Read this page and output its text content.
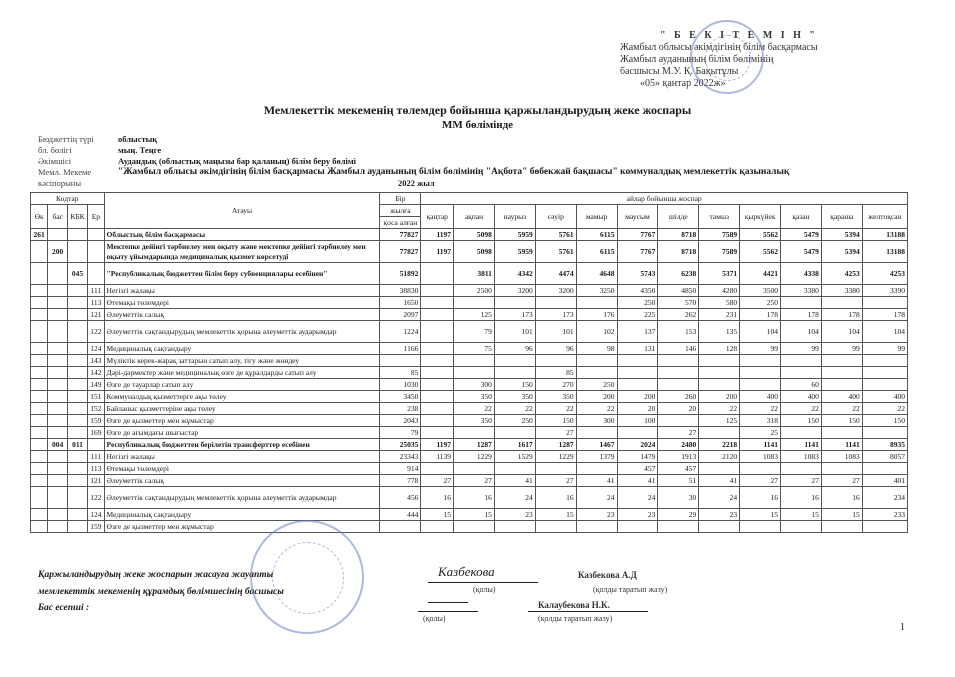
" Б Е К І Т Е М І Н "
Жамбыл облысы әкімдігінің білім басқармасы
Жамбыл ауданының білім бөлімінің
басшысы М.У. Қ. Бақытұлы
«05» қантар 2022ж»
Мемлекеттік мекеменің төлемдер бойынша қаржыландырудың жеке жоспары
ММ бөлімінде
Бюджеттің түрі	облыстық
бл. бөлігі	мың. Теңге
Әкімшісі	Аудандық (облыстық маңызы бар қаланың) білім беру бөлімі
Мемл. Мекеме	"Жамбыл облысы әкімдігінің білім басқармасы Жамбыл ауданының білім бөлімінің "Ақбота" бөбекжай бақшасы" коммуналдық мемлекеттік қазыналық
кәсіпорыны	2022 жыл
Кодтар				Атауы	Бір	айлар бойынша жоспар											
Өк	бағ	КБК	Ер		жылға	қаңтар	ақпан	наурыз	сәуір	мамыр	маусым	шілде	тамыз	қыркүйек	қазан	қараша	желтоқсан
					қоса алған												
261				Облыстық білім басқармасы	77827	1197	5098	5959	5761	6115	7767	8718	7589	5562	5479	5394	13188
	200			Мектепке дейінгі тәрбиелеу мен оқыту және мектепке дейінгі тәрбиелеу мен оқыту ұйымдарында медициналық қызмет көрсетуді	77827	1197	5098	5959	5761	6115	7767	8718	7589	5562	5479	5394	13188
		045		"Республикалық бюджеттен білім беру субвенциялары есебінен"	51892		3811	4342	4474	4648	5743	6238	5371	4421	4338	4253	4253
			111	Негізгі жалақы	38830		2500	3200	3200	3250	4350	4850	4280	3500	3380	3380	3390
			113	Өтемақы төлемдері	1650						250	570	580	250			
			121	Әлеуметтік салық	2097		125	173	173	176	225	262	231	178	178	178	178
			122	Әлеуметтік сақтандырудың мемлекеттік қорына әлеуметтік аударымдар	1224		79	101	101	102	137	153	135	104	104	104	104
			124	Медициналық сақтандыру	1166		75	96	96	98	131	146	128	99	99	99	99
			143	Мүліктік керек-жарақ заттарын сатып алу, тігу және жөндеу													
			142	Дәрі-дәрмектер және медициналық өзге де құралдарды сатып алу	85				85								
			149	Өзге де тауарлар сатып алу	1030		300	150	270	250					60		
			151	Коммуналдық қызметтерге ақы төлеу	3450		350	350	350	200	200	260	200	400	400	400	400
			152	Байланыс қызметтеріне ақы төлеу	238		22	22	22	22	20	20	22	22	22	22	22
			159	Өзге де қызметтер мен жұмыстар	2043		350	250	150	300	100		125	318	150	150	150
			169	Өзге де ағымдағы шығыстар	79				27			27		25			
	004	011		Республикалық бюджеттен берілетін трансферттер есебінен	25035	1197	1287	1617	1287	1467	2024	2480	2218	1141	1141	1141	8935
			111	Негізгі жалақы	23343	1139	1229	1529	1229	1379	1479	1913	2120	1083	1083	1083	8057
			113	Өтемақы төлемдері	914						457	457					
			121	Әлеуметтік салық	778	27	27	41	27	41	41	51	41	27	27	27	401
			122	Әлеуметтік сақтандырудың мемлекеттік қорына әлеуметтік аударымдар	456	16	16	24	16	24	24	30	24	16	16	16	234
			124	Медициналық сақтандыру	444	15	15	23	15	23	23	29	23	15	15	15	233
			159	Өзге де қызметтер мен жұмыстар													
Қаржыландырудың жеке жоспарын жасауға жауапты
мемлекеттік мекеменің құрамдық бөлімшесінің басшысы
Бас есепші :
Казбекова
(қолы)
Казбекова А.Д
(қолды таратып жазу)
(қолы)
Калаубекова Н.К.
(қолды таратып жазу)
1
